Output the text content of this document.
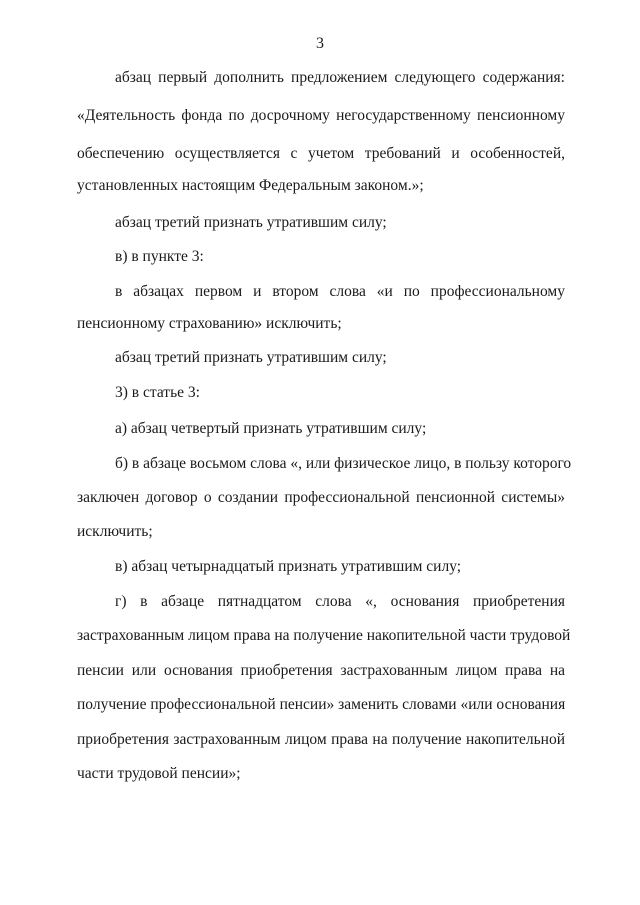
3
абзац первый дополнить предложением следующего содержания:
«Деятельность фонда по досрочному негосударственному пенсионному
обеспечению осуществляется с учетом требований и особенностей,
установленных настоящим Федеральным законом.»;
абзац третий признать утратившим силу;
в) в пункте 3:
в абзацах первом и втором слова «и по профессиональному
пенсионному страхованию» исключить;
абзац третий признать утратившим силу;
3) в статье 3:
а) абзац четвертый признать утратившим силу;
б) в абзаце восьмом слова «, или физическое лицо, в пользу которого
заключен договор о создании профессиональной пенсионной системы»
исключить;
в) абзац четырнадцатый признать утратившим силу;
г) в абзаце пятнадцатом слова «, основания приобретения
застрахованным лицом права на получение накопительной части трудовой
пенсии или основания приобретения застрахованным лицом права на
получение профессиональной пенсии» заменить словами «или основания
приобретения застрахованным лицом права на получение накопительной
части трудовой пенсии»;
